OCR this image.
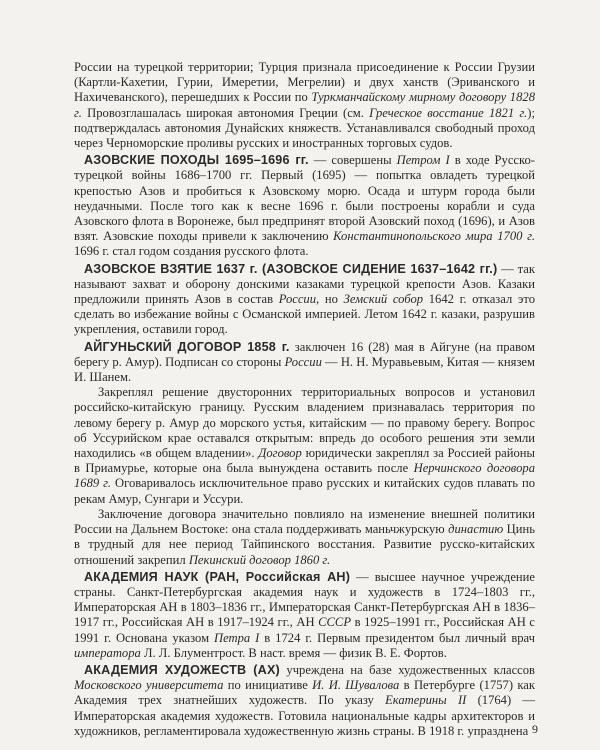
России на турецкой территории; Турция признала присоединение к России Грузии (Картли-Кахетии, Гурии, Имеретии, Мегрелии) и двух ханств (Эриванского и Нахичеванского), перешедших к России по Туркманчайскому мирному договору 1828 г. Провозглашалась широкая автономия Греции (см. Греческое восстание 1821 г.); подтверждалась автономия Дунайских княжеств. Устанавливался свободный проход через Черноморские проливы русских и иностранных торговых судов.

АЗОВСКИЕ ПОХОДЫ 1695–1696 гг. — совершены Петром I в ходе Русско-турецкой войны 1686–1700 гг. Первый (1695) — попытка овладеть турецкой крепостью Азов и пробиться к Азовскому морю. Осада и штурм города были неудачными. После того как к весне 1696 г. были построены корабли и суда Азовского флота в Воронеже, был предпринят второй Азовский поход (1696), и Азов взят. Азовские походы привели к заключению Константинопольского мира 1700 г. 1696 г. стал годом создания русского флота.

АЗОВСКОЕ ВЗЯТИЕ 1637 г. (АЗОВСКОЕ СИДЕНИЕ 1637–1642 гг.) — так называют захват и оборону донскими казаками турецкой крепости Азов. Казаки предложили принять Азов в состав России, но Земский собор 1642 г. отказал это сделать во избежание войны с Османской империей. Летом 1642 г. казаки, разрушив укрепления, оставили город.

АЙГУНЬСКИЙ ДОГОВОР 1858 г. заключен 16 (28) мая в Айгуне (на правом берегу р. Амур). Подписан со стороны России — Н. Н. Муравьевым, Китая — князем И. Шанем.

Закреплял решение двусторонних территориальных вопросов и установил российско-китайскую границу. Русским владением признавалась территория по левому берегу р. Амур до морского устья, китайским — по правому берегу. Вопрос об Уссурийском крае оставался открытым: впредь до особого решения эти земли находились «в общем владении». Договор юридически закреплял за Россией районы в Приамурье, которые она была вынуждена оставить после Нерчинского договора 1689 г. Оговаривалось исключительное право русских и китайских судов плавать по рекам Амур, Сунгари и Уссури.

Заключение договора значительно повлияло на изменение внешней политики России на Дальнем Востоке: она стала поддерживать маньчжурскую династию Цинь в трудный для нее период Тайпинского восстания. Развитие русско-китайских отношений закрепил Пекинский договор 1860 г.

АКАДЕМИЯ НАУК (РАН, Российская АН) — высшее научное учреждение страны. Санкт-Петербургская академия наук и художеств в 1724–1803 гг., Императорская АН в 1803–1836 гг., Императорская Санкт-Петербургская АН в 1836–1917 гг., Российская АН в 1917–1924 гг., АН СССР в 1925–1991 гг., Российская АН с 1991 г. Основана указом Петра I в 1724 г. Первым президентом был личный врач императора Л. Л. Блументрост. В наст. время — физик В. Е. Фортов.

АКАДЕМИЯ ХУДОЖЕСТВ (АХ) учреждена на базе художественных классов Московского университета по инициативе И. И. Шувалова в Петербурге (1757) как Академия трех знатнейших художеств. По указу Екатерины II (1764) — Императорская академия художеств. Готовила национальные кадры архитекторов и художников, регламентировала художественную жизнь страны. В 1918 г. упразднена 9
